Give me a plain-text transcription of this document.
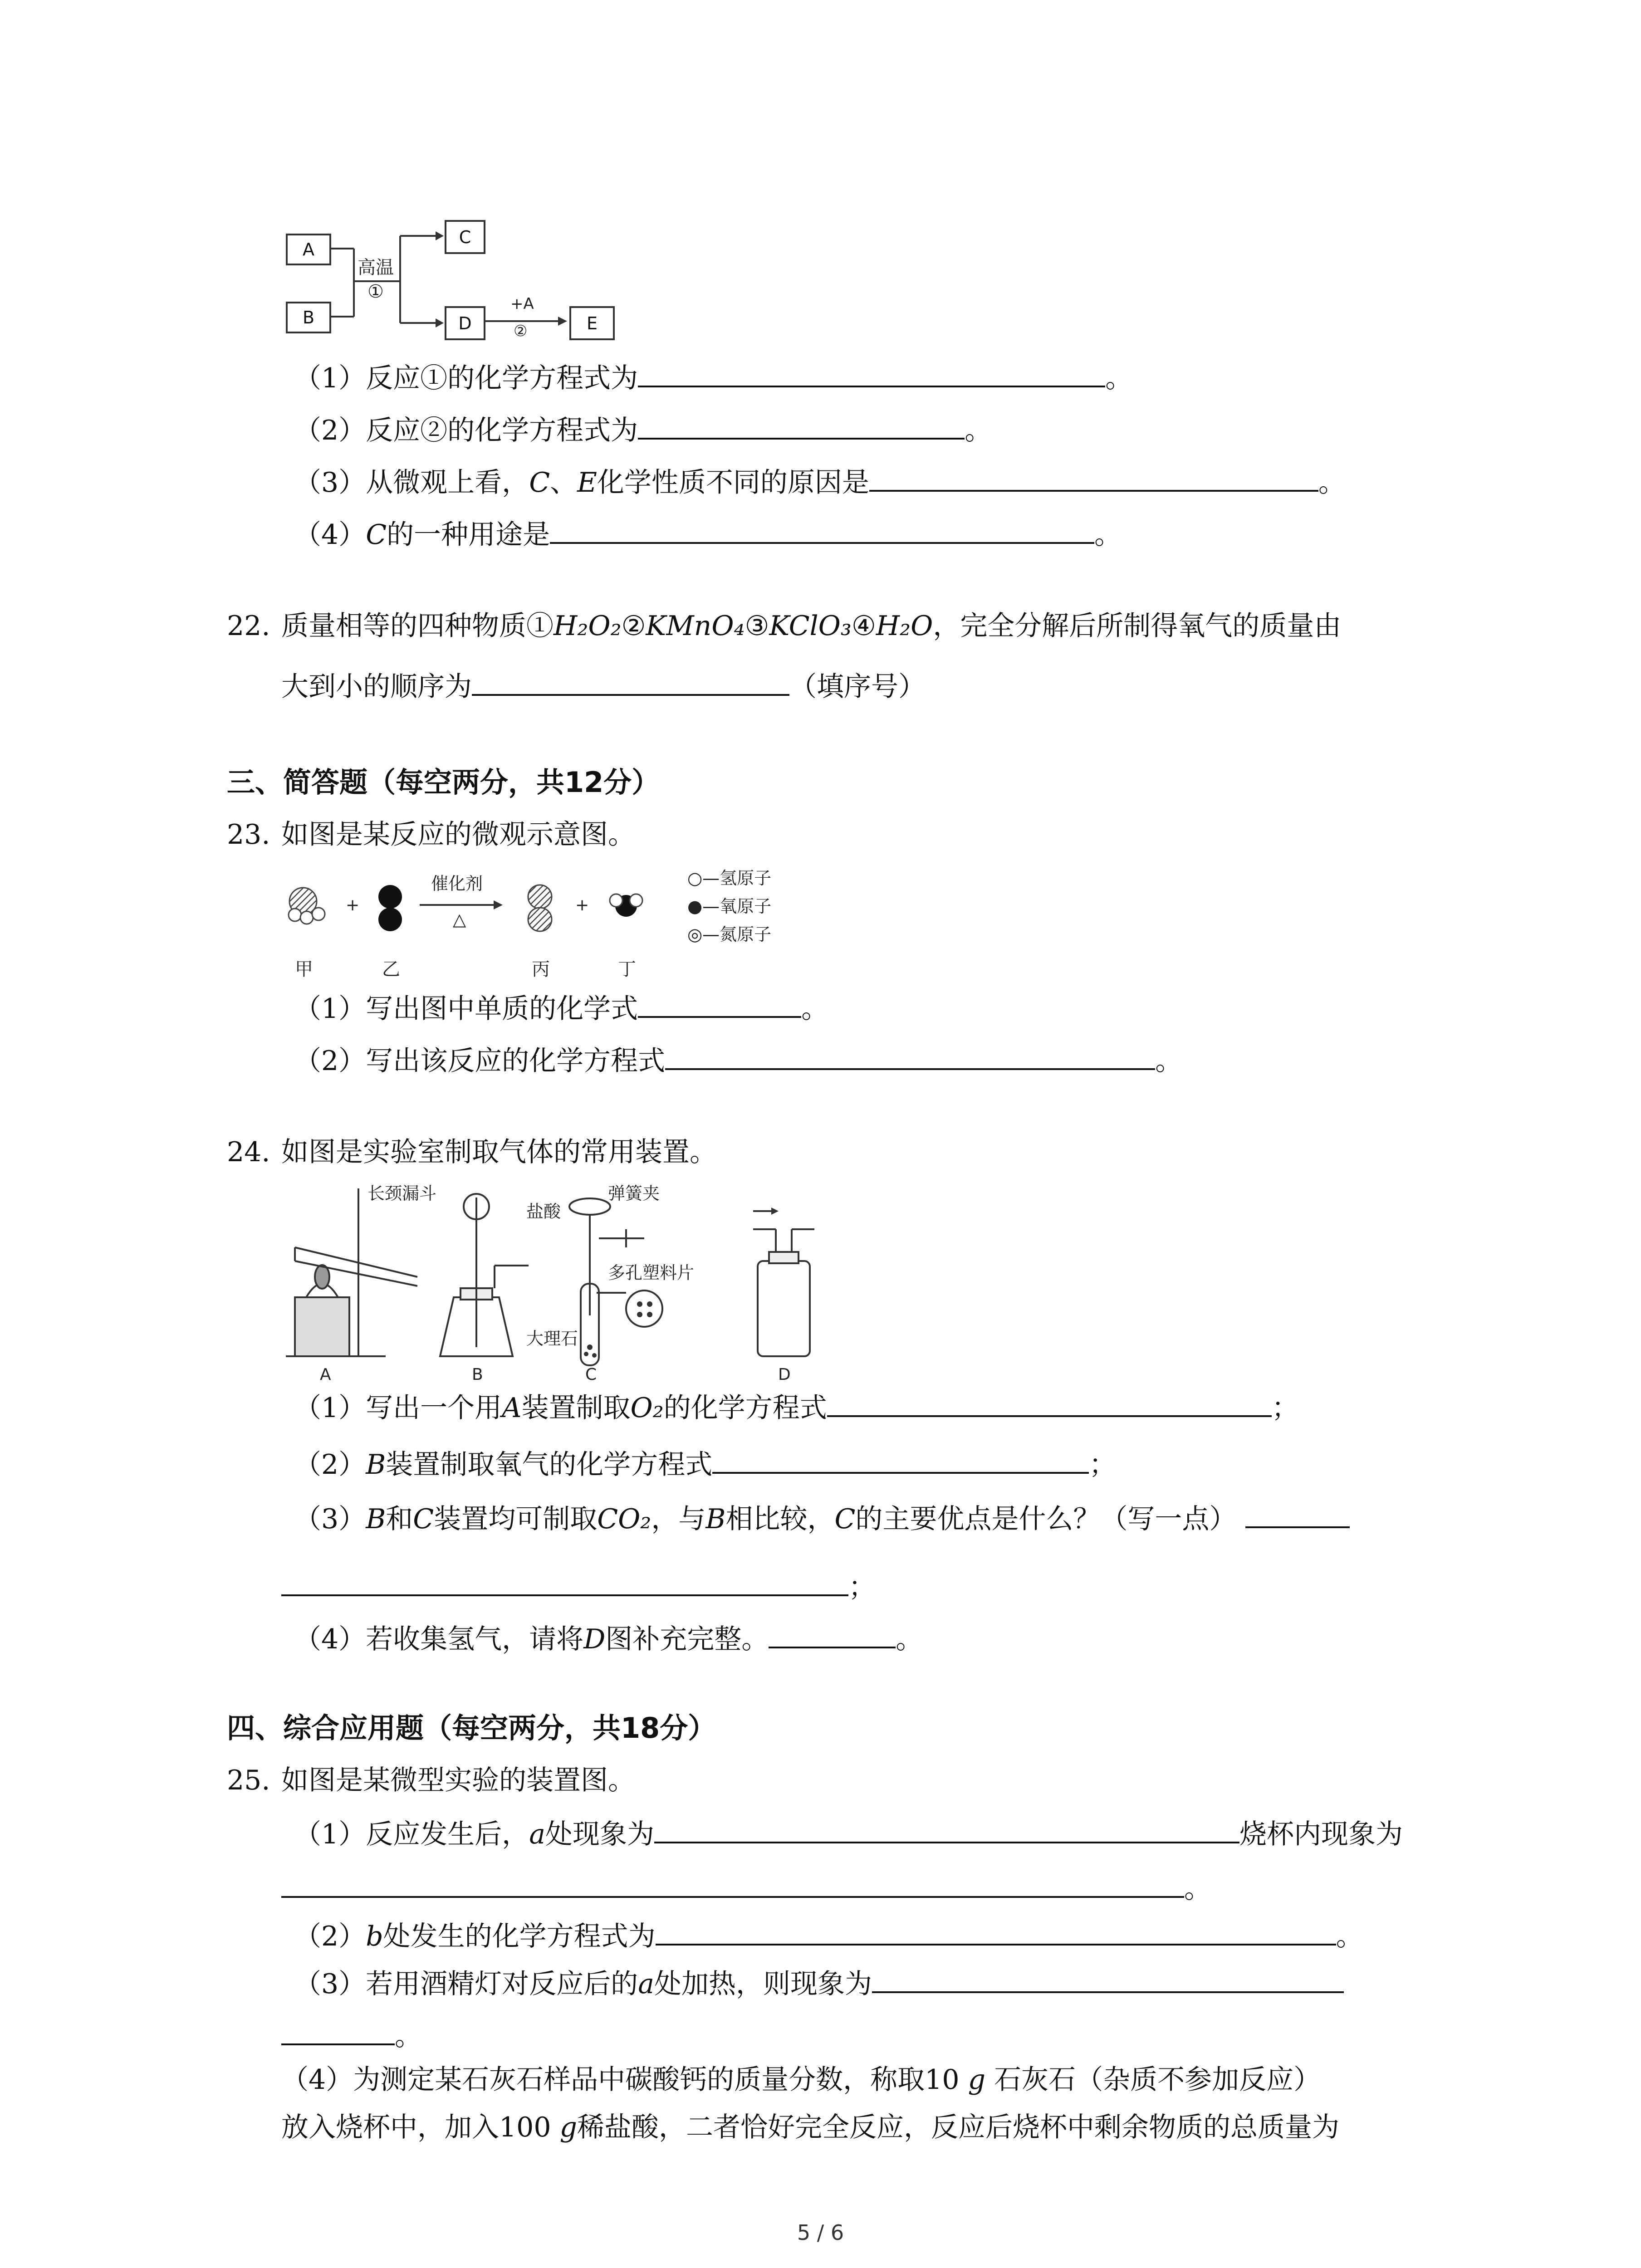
A
B
C
D	E
高温
①
+A
②
（1）反应①的化学方程式为	。
（2）反应②的化学方程式为	。
（3）从微观上看，C、E化学性质不同的原因是	。
（4）C的一种用途是	。
22. 质量相等的四种物质①H₂O₂②KMnO₄③KClO₃④H₂O，完全分解后所制得氧气的质量由
大到小的顺序为	（填序号）
三、简答题（每空两分，共12分）
23. 如图是某反应的微观示意图。
+
催化剂
△
+
甲	乙	丙	丁
○—氢原子
●—氧原子
◎—氮原子
（1）写出图中单质的化学式	。
（2）写出该反应的化学方程式	。
24. 如图是实验室制取气体的常用装置。
长颈漏斗
盐酸
弹簧夹
多孔塑料片
大理石
A	B	C	D
（1）写出一个用A装置制取O₂的化学方程式	；
（2）B装置制取氧气的化学方程式	；
（3）B和C装置均可制取CO₂，与B相比较，C的主要优点是什么？（写一点）
；
（4）若收集氢气，请将D图补充完整。	。
四、综合应用题（每空两分，共18分）
25. 如图是某微型实验的装置图。
（1）反应发生后，a处现象为	烧杯内现象为
。
（2）b处发生的化学方程式为	。
（3）若用酒精灯对反应后的a处加热，则现象为
。
（4）为测定某石灰石样品中碳酸钙的质量分数，称取10 g 石灰石（杂质不参加反应）
放入烧杯中，加入100 g稀盐酸，二者恰好完全反应，反应后烧杯中剩余物质的总质量为
5 / 6
